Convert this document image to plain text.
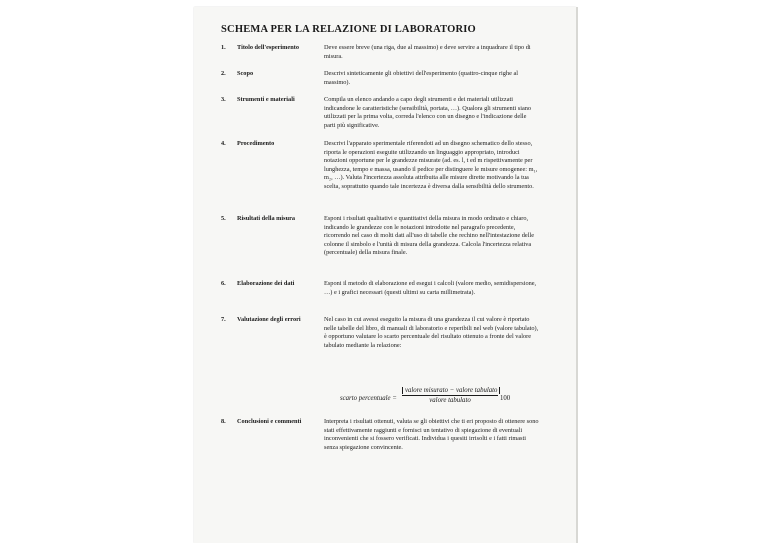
SCHEMA PER LA RELAZIONE DI LABORATORIO
1. Titolo dell'esperimento	Deve essere breve (una riga, due al massimo) e deve servire a inquadrare il tipo di misura.
2. Scopo	Descrivi sinteticamente gli obiettivi dell'esperimento (quattro-cinque righe al massimo).
3. Strumenti e materiali	Compila un elenco andando a capo degli strumenti e dei materiali utilizzati indicandone le caratteristiche (sensibilità, portata, …). Qualora gli strumenti siano utilizzati per la prima volta, correda l'elenco con un disegno e l'indicazione delle parti più significative.
4. Procedimento	Descrivi l'apparato sperimentale riferendoti ad un disegno schematico dello stesso, riporta le operazioni eseguite utilizzando un linguaggio appropriato, introduci notazioni opportune per le grandezze misurate (ad. es. l, t ed m rispettivamente per lunghezza, tempo e massa, usando il pedice per distinguere le misure omogenee: m₁, m₂, …). Valuta l'incertezza assoluta attribuita alle misure dirette motivando la tua scelta, soprattutto quando tale incertezza è diversa dalla sensibilità dello strumento.
5. Risultati della misura	Esponi i risultati qualitativi e quantitativi della misura in modo ordinato e chiaro, indicando le grandezze con le notazioni introdotte nel paragrafo precedente, ricorrendo nel caso di molti dati all'uso di tabelle che rechino nell'intestazione delle colonne il simbolo e l'unità di misura della grandezza. Calcola l'incertezza relativa (percentuale) della misura finale.
6. Elaborazione dei dati	Esponi il metodo di elaborazione ed esegui i calcoli (valore medio, semidispersione, …) e i grafici necessari (questi ultimi su carta millimetrata).
7. Valutazione degli errori	Nel caso in cui avessi eseguito la misura di una grandezza il cui valore è riportato nelle tabelle del libro, di manuali di laboratorio e reperibili nel web (valore tabulato), è opportuno valutare lo scarto percentuale del risultato ottenuto a fronte del valore tabulato mediante la relazione:
scarto percentuale =
valore misurato − valore tabulato
valore tabulato	100
8. Conclusioni e commenti	Interpreta i risultati ottenuti, valuta se gli obiettivi che ti eri proposto di ottenere sono stati effettivamente raggiunti e fornisci un tentativo di spiegazione di eventuali inconvenienti che si fossero verificati. Individua i quesiti irrisolti e i fatti rimasti senza spiegazione convincente.
